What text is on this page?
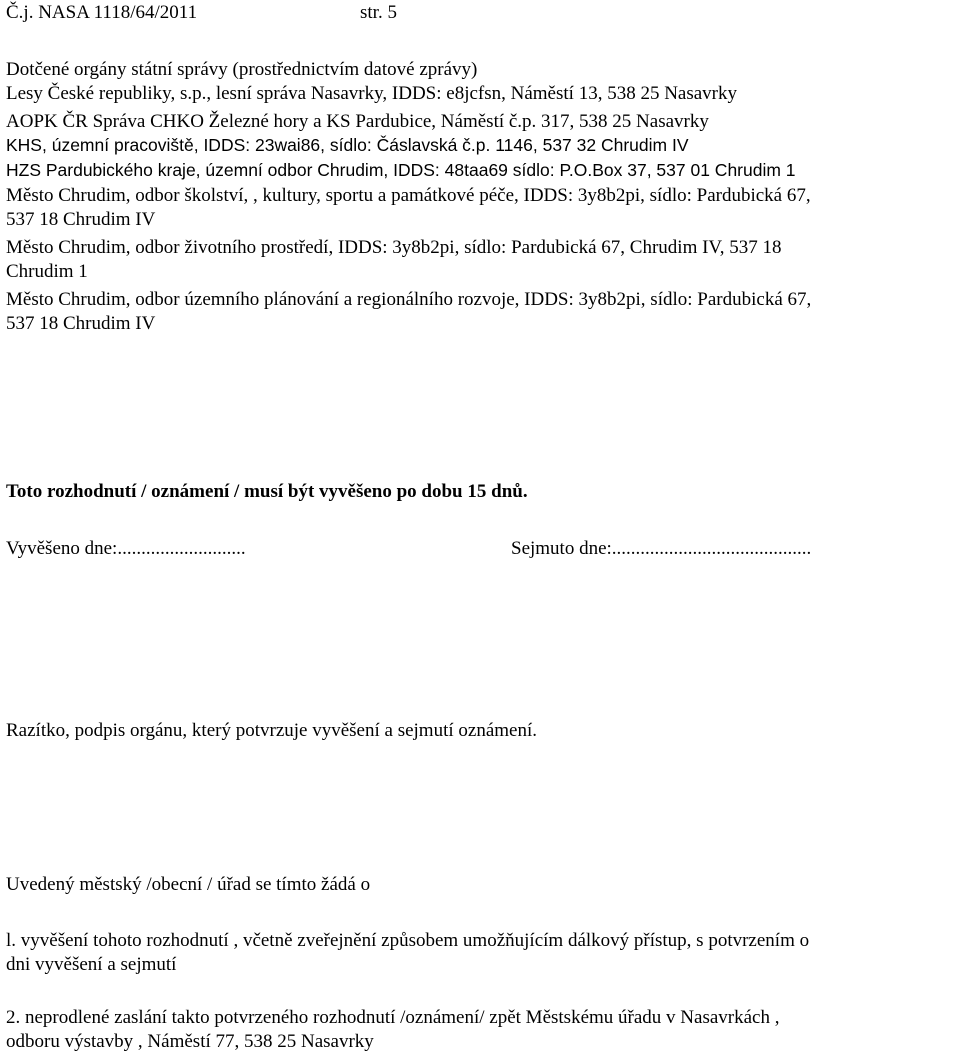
Č.j. NASA 1118/64/2011	str. 5

Dotčené orgány státní správy (prostřednictvím datové zprávy)

Lesy České republiky, s.p., lesní správa Nasavrky, IDDS: e8jcfsn, Náměstí 13, 538 25 Nasavrky

AOPK ČR Správa CHKO Železné hory a KS Pardubice, Náměstí č.p. 317, 538 25 Nasavrky

KHS, územní pracoviště, IDDS: 23wai86, sídlo: Čáslavská č.p. 1146, 537 32 Chrudim IV

HZS Pardubického kraje, územní odbor Chrudim, IDDS: 48taa69 sídlo: P.O.Box 37, 537 01 Chrudim 1

Město Chrudim, odbor školství, , kultury, sportu a památkové péče, IDDS: 3y8b2pi, sídlo: Pardubická 67,

537 18 Chrudim IV

Město Chrudim, odbor životního prostředí, IDDS: 3y8b2pi, sídlo: Pardubická 67, Chrudim IV, 537 18

Chrudim 1

Město Chrudim, odbor územního plánování a regionálního rozvoje, IDDS: 3y8b2pi, sídlo: Pardubická 67,

537 18 Chrudim IV

Toto rozhodnutí / oznámení / musí být vyvěšeno po dobu 15 dnů.

Vyvěšeno dne:...........................	Sejmuto dne:..........................................

Razítko, podpis orgánu, který potvrzuje vyvěšení a sejmutí oznámení.

Uvedený městský /obecní / úřad se tímto žádá o

l. vyvěšení tohoto rozhodnutí , včetně zveřejnění způsobem umožňujícím dálkový přístup, s potvrzením o

dni vyvěšení a sejmutí

2. neprodlené zaslání takto potvrzeného rozhodnutí /oznámení/ zpět Městskému úřadu v Nasavrkách ,

odboru výstavby , Náměstí 77, 538 25 Nasavrky
